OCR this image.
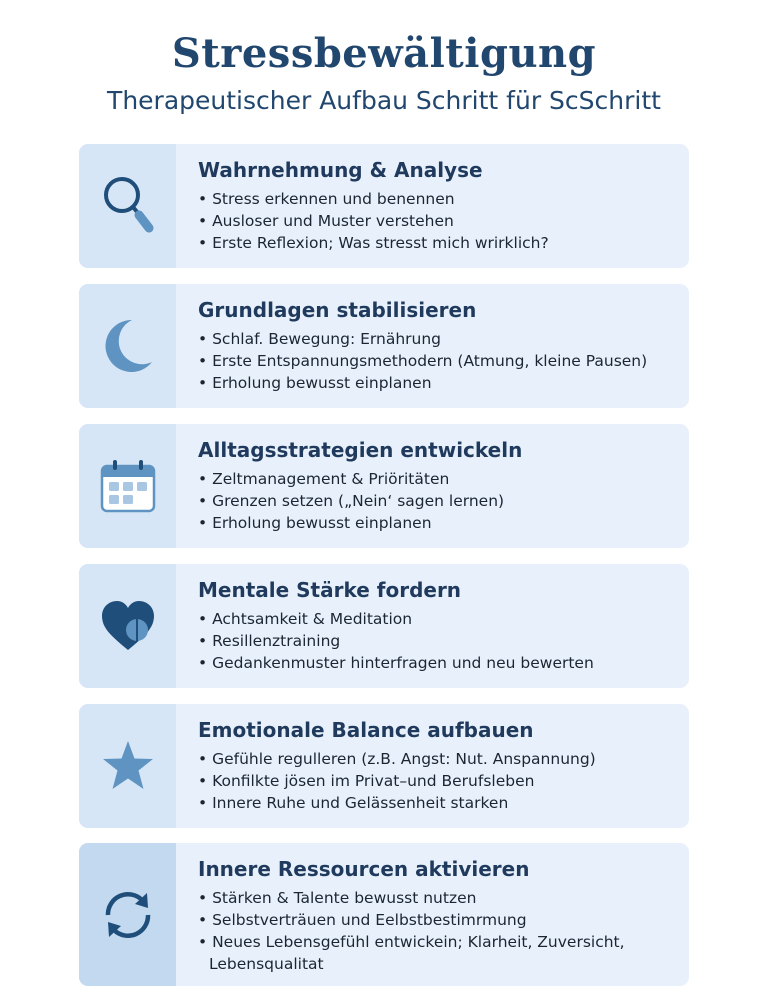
Stressbewältigung
Therapeutischer Aufbau Schritt für ScSchritt
Wahrnehmung & Analyse
• Stress erkennen und benennen
• Ausloser und Muster verstehen
• Erste Reflexion; Was stresst mich wrirklich?
Grundlagen stabilisieren
• Schlaf. Bewegung: Ernährung
• Erste Entspannungsmethodern (Atmung, kleine Pausen)
• Erholung bewusst einplanen
Alltagsstrategien entwickeln
• Zeltmanagement & Priöritäten
• Grenzen setzen („Nein‘ sagen lernen)
• Erholung bewusst einplanen
Mentale Stärke fordern
• Achtsamkeit & Meditation
• Resillenztraining
• Gedankenmuster hinterfragen und neu bewerten
Emotionale Balance aufbauen
• Gefühle regulleren (z.B. Angst: Nut. Anspannung)
• Konfilkte jösen im Privat–und Berufsleben
• Innere Ruhe und Gelässenheit starken
Innere Ressourcen aktivieren
• Stärken & Talente bewusst nutzen
• Selbstverträuen und Eelbstbestimrmung
• Neues Lebensgefühl entwickein; Klarheit, Zuversicht,
Lebensqualitat
